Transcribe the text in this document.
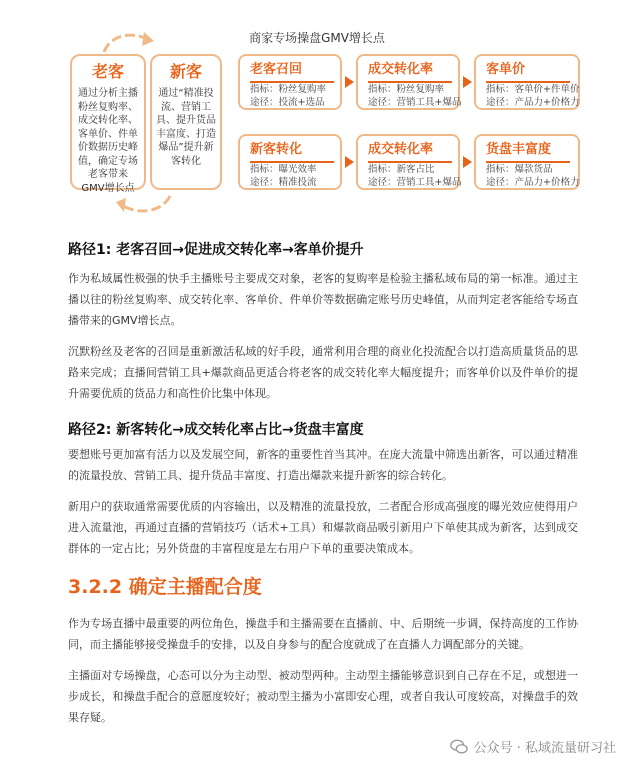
商家专场操盘GMV增长点
老客
通过分析主播
粉丝复购率、
成交转化率、
客单价、件单
价数据历史峰
值，确定专场
老客带来
GMV增长点
新客
通过“精准投
流、营销工
具、提升货品
丰富度、打造
爆品”提升新
客转化
老客召回
指标：粉丝复购率
途径：投流+选品
成交转化率
指标：粉丝复购率
途径：营销工具+爆品
客单价
指标：客单价+件单价
途径：产品力+价格力
新客转化
指标：曝光效率
途径：精准投流
成交转化率
指标：新客占比
途径：营销工具+爆品
货盘丰富度
指标：爆款货品
途径：产品力+价格力
路径1: 老客召回→促进成交转化率→客单价提升
作为私域属性极强的快手主播账号主要成交对象，老客的复购率是检验主播私域布局的第一标准。通过主播以往的粉丝复购率、成交转化率、客单价、件单价等数据确定账号历史峰值，从而判定老客能给专场直播带来的GMV增长点。
沉默粉丝及老客的召回是重新激活私域的好手段，通常利用合理的商业化投流配合以打造高质量货品的思路来完成；直播间营销工具+爆款商品更适合将老客的成交转化率大幅度提升；而客单价以及件单价的提升需要优质的货品力和高性价比集中体现。
路径2: 新客转化→成交转化率占比→货盘丰富度
要想账号更加富有活力以及发展空间，新客的重要性首当其冲。在庞大流量中筛选出新客，可以通过精准的流量投放、营销工具、提升货品丰富度、打造出爆款来提升新客的综合转化。
新用户的获取通常需要优质的内容输出，以及精准的流量投放，二者配合形成高强度的曝光效应使得用户进入流量池，再通过直播的营销技巧（话术+工具）和爆款商品吸引新用户下单使其成为新客，达到成交群体的一定占比；另外货盘的丰富程度是左右用户下单的重要决策成本。
3.2.2 确定主播配合度
作为专场直播中最重要的两位角色，操盘手和主播需要在直播前、中、后期统一步调，保持高度的工作协同，而主播能够接受操盘手的安排，以及自身参与的配合度就成了在直播人力调配部分的关键。
主播面对专场操盘，心态可以分为主动型、被动型两种。主动型主播能够意识到自己存在不足，或想进一步成长，和操盘手配合的意愿度较好；被动型主播为小富即安心理，或者自我认可度较高，对操盘手的效果存疑。
公众号 · 私域流量研习社
